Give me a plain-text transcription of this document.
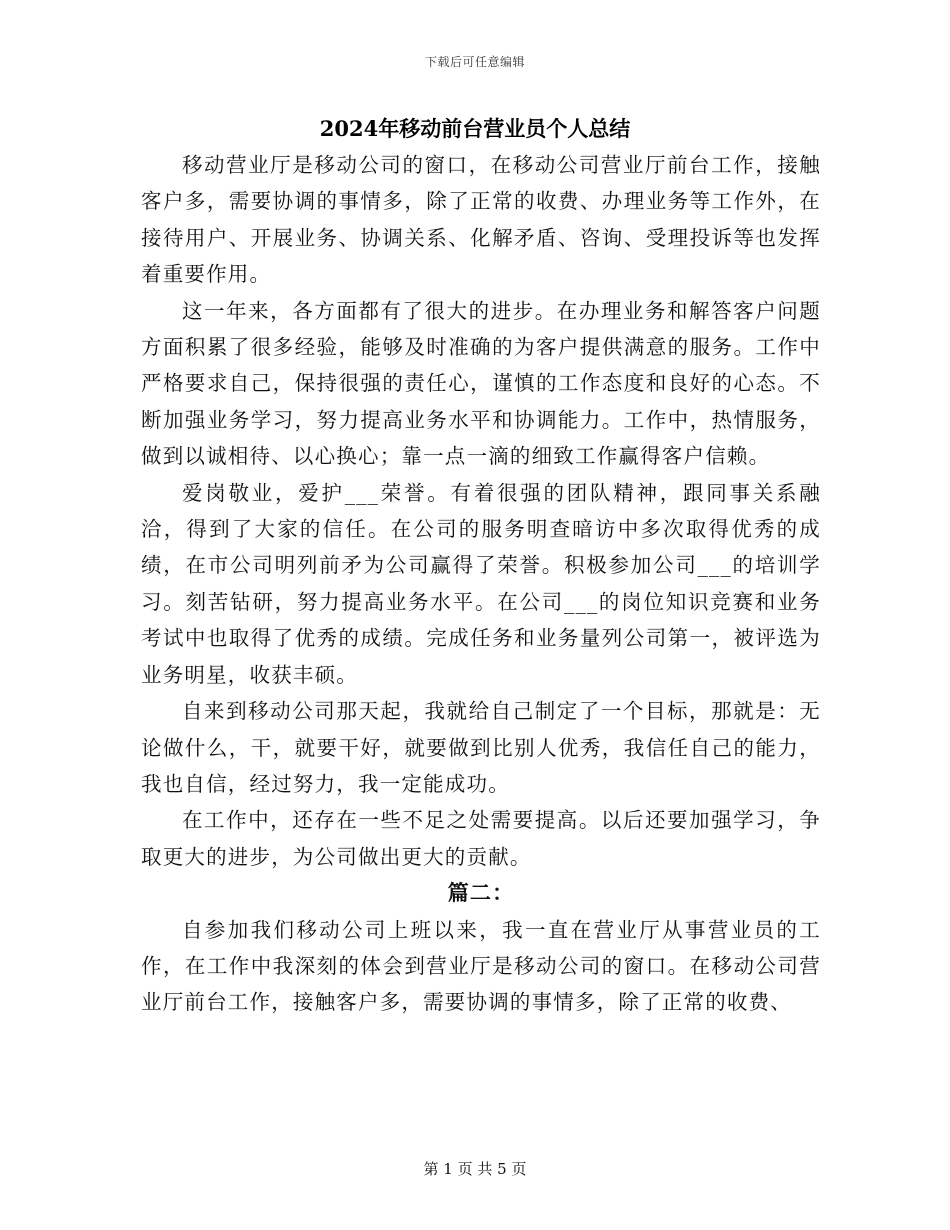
下载后可任意编辑
2024年移动前台营业员个人总结

移动营业厅是移动公司的窗口，在移动公司营业厅前台工作，接触客户多，需要协调的事情多，除了正常的收费、办理业务等工作外，在接待用户、开展业务、协调关系、化解矛盾、咨询、受理投诉等也发挥着重要作用。

这一年来，各方面都有了很大的进步。在办理业务和解答客户问题方面积累了很多经验，能够及时准确的为客户提供满意的服务。工作中严格要求自己，保持很强的责任心，谨慎的工作态度和良好的心态。不断加强业务学习，努力提高业务水平和协调能力。工作中，热情服务，做到以诚相待、以心换心；靠一点一滴的细致工作赢得客户信赖。

爱岗敬业，爱护___荣誉。有着很强的团队精神，跟同事关系融洽，得到了大家的信任。在公司的服务明查暗访中多次取得优秀的成绩，在市公司明列前矛为公司赢得了荣誉。积极参加公司___的培训学习。刻苦钻研，努力提高业务水平。在公司___的岗位知识竞赛和业务考试中也取得了优秀的成绩。完成任务和业务量列公司第一，被评选为业务明星，收获丰硕。

自来到移动公司那天起，我就给自己制定了一个目标，那就是：无论做什么，干，就要干好，就要做到比别人优秀，我信任自己的能力，我也自信，经过努力，我一定能成功。

在工作中，还存在一些不足之处需要提高。以后还要加强学习，争取更大的进步，为公司做出更大的贡献。

篇二：

自参加我们移动公司上班以来，我一直在营业厅从事营业员的工作，在工作中我深刻的体会到营业厅是移动公司的窗口。在移动公司营业厅前台工作，接触客户多，需要协调的事情多，除了正常的收费、

第 1 页 共 5 页
